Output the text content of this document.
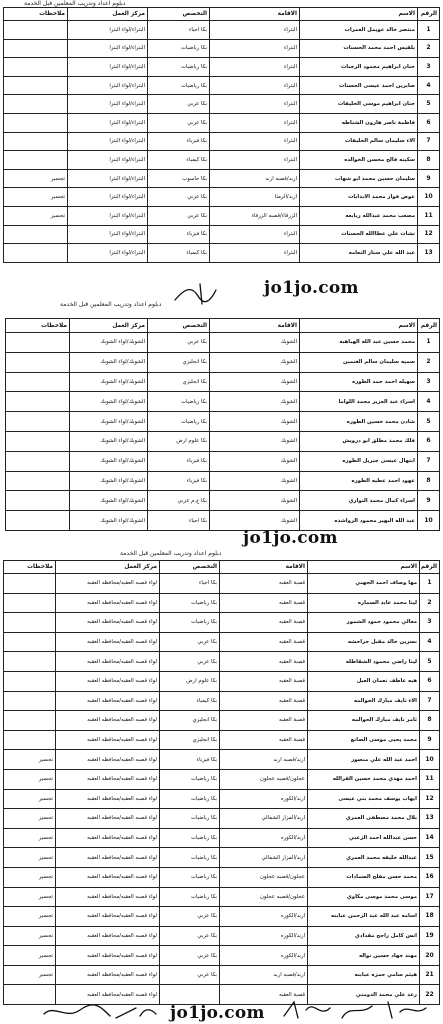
دبلوم اعداد وتدريب المعلمين قبل الخدمة
الرقم	الاسم	الاقامة	التخصص	مركز العمل	ملاحظات
1	منتصر خالد عويمل العمرات	البتراء	بكا احياء	البتراء/لواء البترا	
2	بلقيس احمد محمد الحسنات	البتراء	بكا رياضيات	البتراء/لواء البترا	
3	حنان ابراهيم محمود الرجبات	البتراء	بكا رياضيات	البتراء/لواء البترا	
4	صابرين احمد عيسى الحسنات	البتراء	بكا رياضيات	البتراء/لواء البترا	
5	حنان ابراهيم موسى الخليفات	البتراء	بكا عربي	البتراء/لواء البترا	
6	فاطمة ناصر هارون الشناطه	البتراء	بكا عربي	البتراء/لواء البترا	
7	الاء سليمان سالم الخليفات	البتراء	بكا فيزياء	البتراء/لواء البترا	
8	سكينه فالح محسن الخوالده	البتراء	بكا كيمياء	البتراء/لواء البترا	
9	سليمان حسين محمد ابو شهاب	اربد/قصبه اربد	بكا حاسوب	البتراء/لواء البترا	تجسير
10	عوض فواز محمد الابدابات	اربد/الرمثا	بكا عربي	البتراء/لواء البترا	تجسير
11	مصعب محمد عبدالله ربابعه	الزرقاء/قصبه الزرقاء	بكا عربي	البتراء/لواء البترا	تجسير
12	نشات علي عطاالله الحسنات	البتراء	بكا فيزياء	البتراء/لواء البترا	
13	عبد الله علي سنار النعامه	البتراء	بكا كيمياء	البتراء/لواء البترا	
jo1jo.com
دبلوم اعداد وتدريب المعلمين قبل الخدمة
الرقم	الاسم	الاقامة	التخصص	مركز العمل	ملاحظات
1	محمد حسين عبد الله الهباهبه	الشوبك	بكا عربي	الشوبك/لواء الشوبك	
2	سميه سليمان سالم الغنمين	الشوبك	بكا انجليزي	الشوبك/لواء الشوبك	
3	سهيله احمد حمد الطوره	الشوبك	بكا انجليزي	الشوبك/لواء الشوبك	
4	اسراء عبد العزيز محمد اللواما	الشوبك	بكا رياضيات	الشوبك/لواء الشوبك	
5	شادن محمد حسين الطوره	الشوبك	بكا رياضيات	الشوبك/لواء الشوبك	
6	فلك محمد مطلق ابو درويش	الشوبك	بكا علوم ارض	الشوبك/لواء الشوبك	
7	ابتهال عيسى جبريل الطوره	الشوبك	بكا فيزياء	الشوبك/لواء الشوبك	
8	عهود احمد عطيه الطوره	الشوبك	بكا فيزياء	الشوبك/لواء الشوبك	
9	اسراء كمال محمد النواري	الشوبك	بكا ع.م عربي	الشوبك/لواء الشوبك	
10	عبد الله البهير محمود الرواشده	الشوبك	بكا احياء	الشوبك/لواء الشوبك	
jo1jo.com
دبلوم اعداد وتدريب المعلمين قبل الخدمة
الرقم	الاسم	الاقامة	التخصص	مركز العمل	ملاحظات
1	مها وصاف احمد الجهني	قصبة العقبه	بكا احياء	لواء قصبه العقبه/محافظه العقبه	
2	لينا محمد عايد السماره	قصبة العقبه	بكا رياضيات	لواء قصبه العقبه/محافظه العقبه	
3	معالي محمود حمود الشمور	قصبة العقبه	بكا رياضيات	لواء قصبه العقبه/محافظه العقبه	
4	نسرين خالد مقبل حراحشه	قصبة العقبه	بكا عربي	لواء قصبه العقبه/محافظه العقبه	
5	لينا راضي محمود الشقاطله	قصبة العقبه	بكا عربي	لواء قصبه العقبه/محافظه العقبه	
6	هبه عاطف نعمان العبل	قصبة العقبه	بكا علوم ارض	لواء قصبه العقبه/محافظه العقبه	
7	الاء نايف مبارك الحوالمه	قصبة العقبه	بكا كيمياء	لواء قصبه العقبه/محافظه العقبه	
8	ثامر نايف مبارك الحوالمه	قصبة العقبه	بكا انجليزي	لواء قصبه العقبه/محافظه العقبه	
9	محمد يحيى موسى الصانع	قصبة العقبه	بكا انجليزي	لواء قصبه العقبه/محافظه العقبه	
10	احمد عبد الله علي منصور	اربد/قصبه اربد	بكا فيزياء	لواء قصبه العقبه/محافظه العقبه	تجسير
11	احمد مهدي محمد حسين القرالله	عجلون/قصبه عجلون	بكا رياضيات	لواء قصبه العقبه/محافظه العقبه	تجسير
12	ايهاب يوسف محمد بني عيسى	اربد/الكوره	بكا رياضيات	لواء قصبه العقبه/محافظه العقبه	تجسير
13	بلال محمد مصطفى العمري	اربد/المزار الشمالي	بكا رياضيات	لواء قصبه العقبه/محافظه العقبه	تجسير
14	حسن عبدالله احمد الزعبي	اربد/الكوره	بكا رياضيات	لواء قصبه العقبه/محافظه العقبه	تجسير
15	عبدالله خليفه محمد العمري	اربد/المزار الشمالي	بكا رياضيات	لواء قصبه العقبه/محافظه العقبه	تجسير
16	محمد حسن مفلح الصمادات	عجلون/قصبه عجلون	بكا رياضيات	لواء قصبه العقبه/محافظه العقبه	تجسير
17	موسى محمد موسى مكاوي	عجلون/قصبه عجلون	بكا رياضيات	لواء قصبه العقبه/محافظه العقبه	تجسير
18	اسامه عبد الله عبد الرحمن عبابنه	اربد/الكوره	بكا عربي	لواء قصبه العقبه/محافظه العقبه	تجسير
19	انس كامل راجح مقدادي	اربد/الكوره	بكا عربي	لواء قصبه العقبه/محافظه العقبه	تجسير
20	مهند جهاد حسين نواله	اربد/الكوره	بكا عربي	لواء قصبه العقبه/محافظه العقبه	تجسير
21	هيثم سامي حمزه عبابنه	اربد/قصبه اربد	بكا عربي	لواء قصبه العقبه/محافظه العقبه	تجسير
22	رعد علي محمد الدومني	قصبة العقبه		لواء قصبه العقبه/محافظه العقبه	
jo1jo.com
